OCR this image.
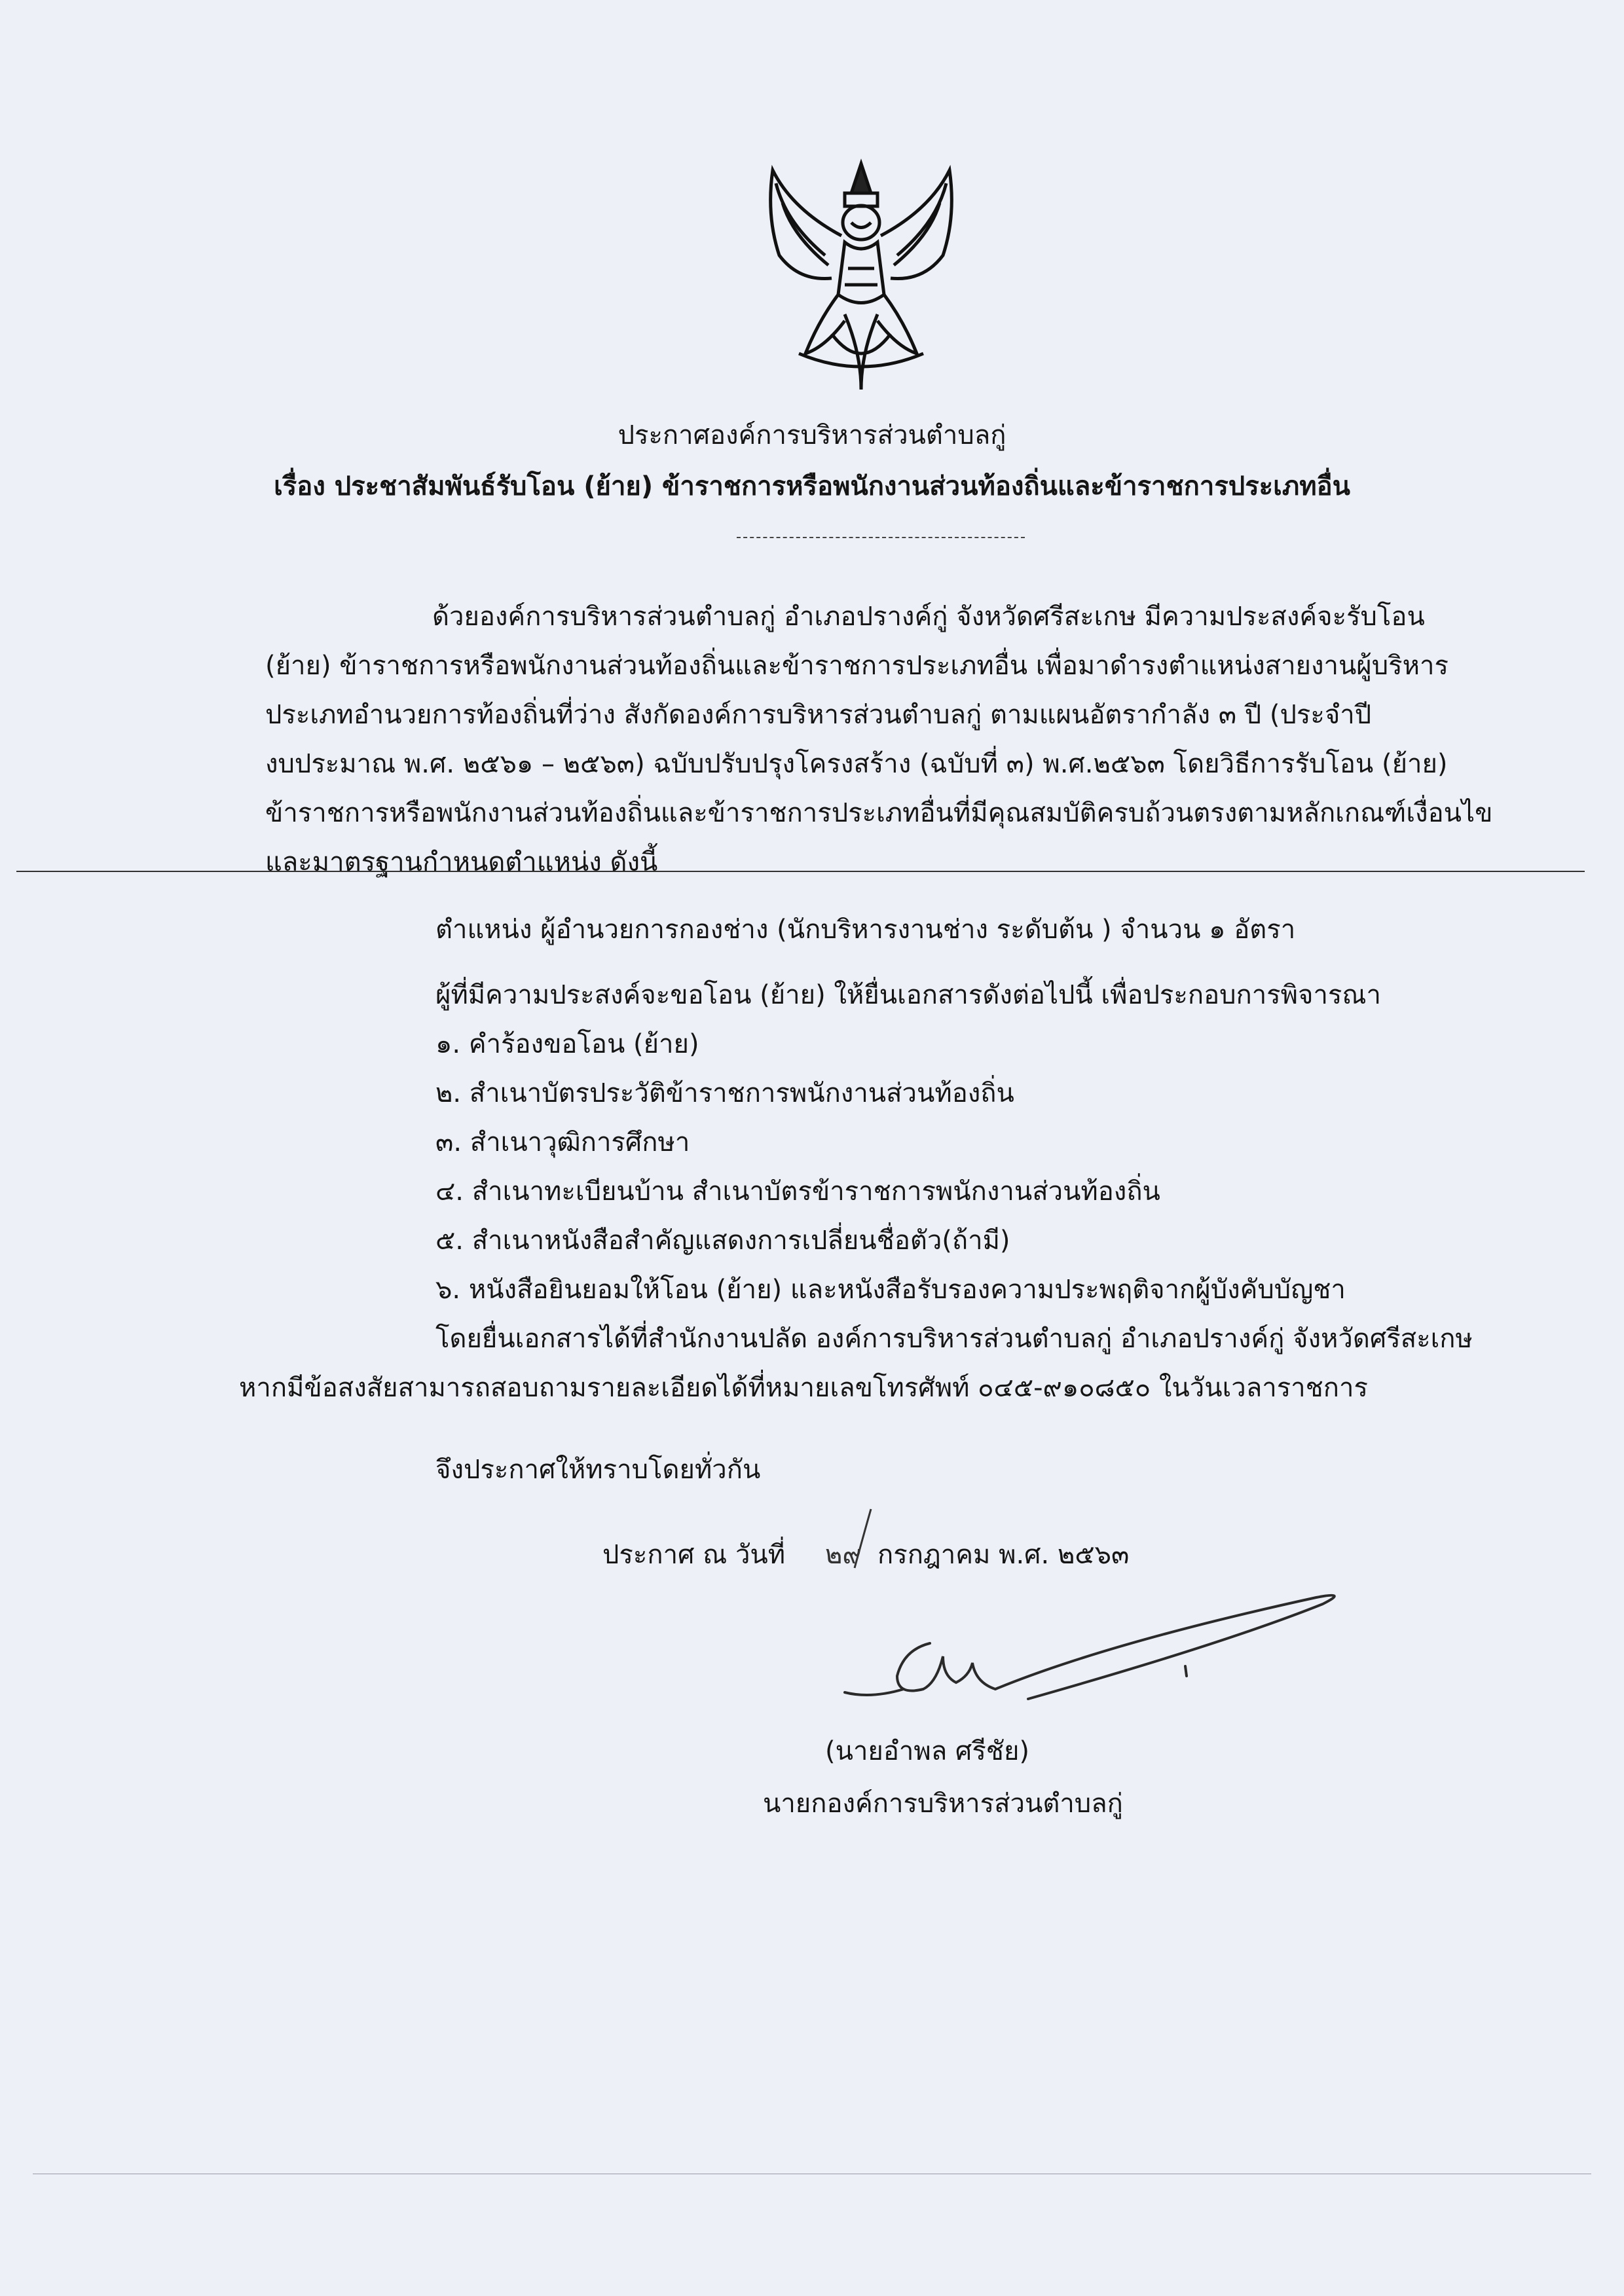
ประกาศองค์การบริหารส่วนตำบลกู่
เรื่อง ประชาสัมพันธ์รับโอน (ย้าย) ข้าราชการหรือพนักงานส่วนท้องถิ่นและข้าราชการประเภทอื่น
ด้วยองค์การบริหารส่วนตำบลกู่ อำเภอปรางค์กู่ จังหวัดศรีสะเกษ มีความประสงค์จะรับโอน
(ย้าย) ข้าราชการหรือพนักงานส่วนท้องถิ่นและข้าราชการประเภทอื่น เพื่อมาดำรงตำแหน่งสายงานผู้บริหาร
ประเภทอำนวยการท้องถิ่นที่ว่าง สังกัดองค์การบริหารส่วนตำบลกู่ ตามแผนอัตรากำลัง ๓ ปี (ประจำปี
งบประมาณ พ.ศ. ๒๕๖๑ – ๒๕๖๓) ฉบับปรับปรุงโครงสร้าง (ฉบับที่ ๓) พ.ศ.๒๕๖๓ โดยวิธีการรับโอน (ย้าย)
ข้าราชการหรือพนักงานส่วนท้องถิ่นและข้าราชการประเภทอื่นที่มีคุณสมบัติครบถ้วนตรงตามหลักเกณฑ์เงื่อนไข
และมาตรฐานกำหนดตำแหน่ง ดังนี้
ตำแหน่ง ผู้อำนวยการกองช่าง (นักบริหารงานช่าง ระดับต้น ) จำนวน ๑ อัตรา
ผู้ที่มีความประสงค์จะขอโอน (ย้าย) ให้ยื่นเอกสารดังต่อไปนี้ เพื่อประกอบการพิจารณา
๑. คำร้องขอโอน (ย้าย)
๒. สำเนาบัตรประวัติข้าราชการพนักงานส่วนท้องถิ่น
๓. สำเนาวุฒิการศึกษา
๔. สำเนาทะเบียนบ้าน สำเนาบัตรข้าราชการพนักงานส่วนท้องถิ่น
๕. สำเนาหนังสือสำคัญแสดงการเปลี่ยนชื่อตัว(ถ้ามี)
๖. หนังสือยินยอมให้โอน (ย้าย) และหนังสือรับรองความประพฤติจากผู้บังคับบัญชา
โดยยื่นเอกสารได้ที่สำนักงานปลัด องค์การบริหารส่วนตำบลกู่ อำเภอปรางค์กู่ จังหวัดศรีสะเกษ
หากมีข้อสงสัยสามารถสอบถามรายละเอียดได้ที่หมายเลขโทรศัพท์ ๐๔๕-๙๑๐๘๕๐ ในวันเวลาราชการ
จึงประกาศให้ทราบโดยทั่วกัน
ประกาศ ณ วันที่ ๒๙ กรกฎาคม พ.ศ. ๒๕๖๓
(นายอำพล ศรีชัย)
นายกองค์การบริหารส่วนตำบลกู่
